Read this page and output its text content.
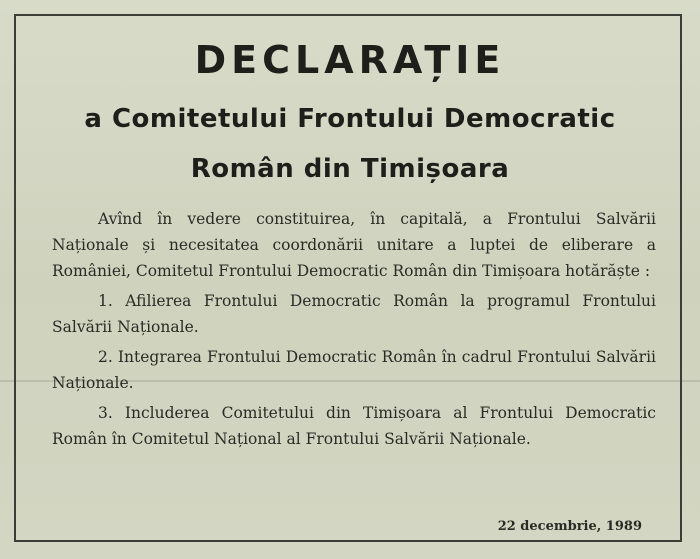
DECLARAȚIE
a Comitetului Frontului Democratic
Român din Timișoara

Avînd în vedere constituirea, în capitală, a Frontului Salvării Naționale și necesitatea coordonării unitare a luptei de eliberare a României, Comitetul Frontului Democratic Român din Timișoara hotărăște :

1. Afilierea Frontului Democratic Român la programul Frontului Salvării Naționale.

2. Integrarea Frontului Democratic Român în cadrul Frontului Salvării Naționale.

3. Includerea Comitetului din Timișoara al Frontului Democratic Român în Comitetul Național al Frontului Salvării Naționale.

22 decembrie, 1989
